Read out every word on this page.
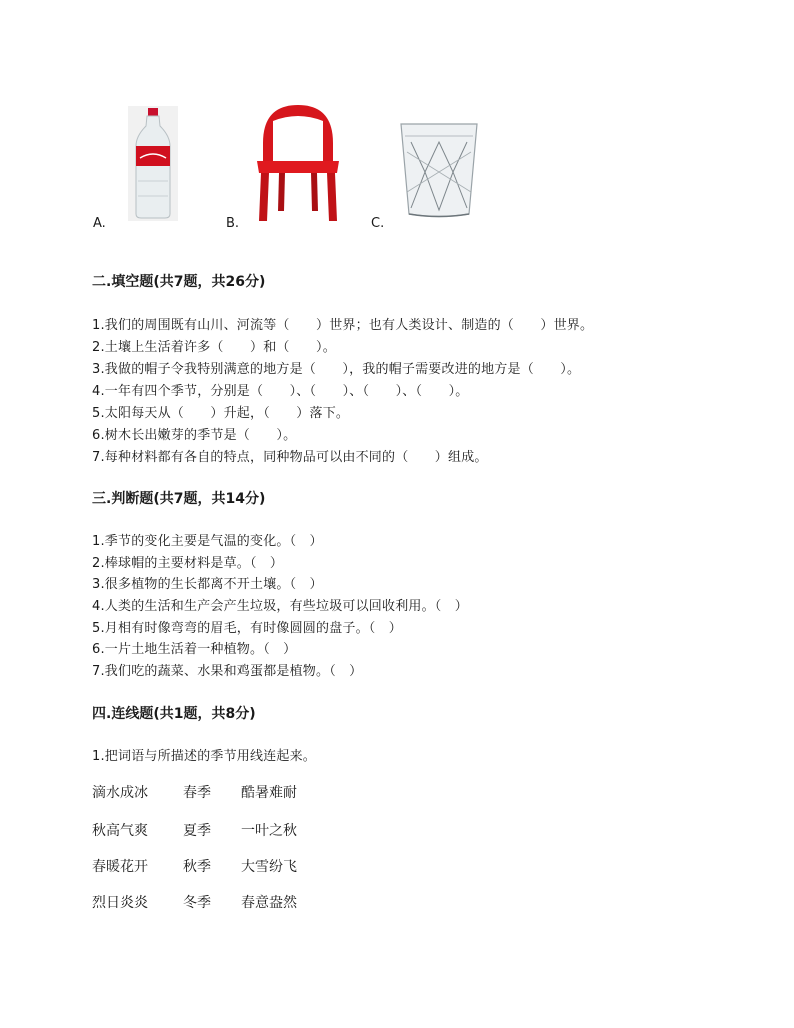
A.	B.	C.
二.填空题(共7题，共26分)
1.我们的周围既有山川、河流等（　　）世界；也有人类设计、制造的（　　）世界。
2.土壤上生活着许多（　　）和（　　）。
3.我做的帽子令我特别满意的地方是（　　），我的帽子需要改进的地方是（　　）。
4.一年有四个季节，分别是（　　）、（　　）、（　　）、（　　）。
5.太阳每天从（　　）升起，（　　）落下。
6.树木长出嫩芽的季节是（　　）。
7.每种材料都有各自的特点，同种物品可以由不同的（　　）组成。
三.判断题(共7题，共14分)
1.季节的变化主要是气温的变化。（　）
2.棒球帽的主要材料是草。（　）
3.很多植物的生长都离不开土壤。（　）
4.人类的生活和生产会产生垃圾，有些垃圾可以回收利用。（　）
5.月相有时像弯弯的眉毛，有时像圆圆的盘子。（　）
6.一片土地生活着一种植物。（　）
7.我们吃的蔬菜、水果和鸡蛋都是植物。（　）
四.连线题(共1题，共8分)
1.把词语与所描述的季节用线连起来。
滴水成冰	春季 酷暑难耐
秋高气爽	夏季 一叶之秋
春暖花开	秋季 大雪纷飞
烈日炎炎	冬季 春意盎然
